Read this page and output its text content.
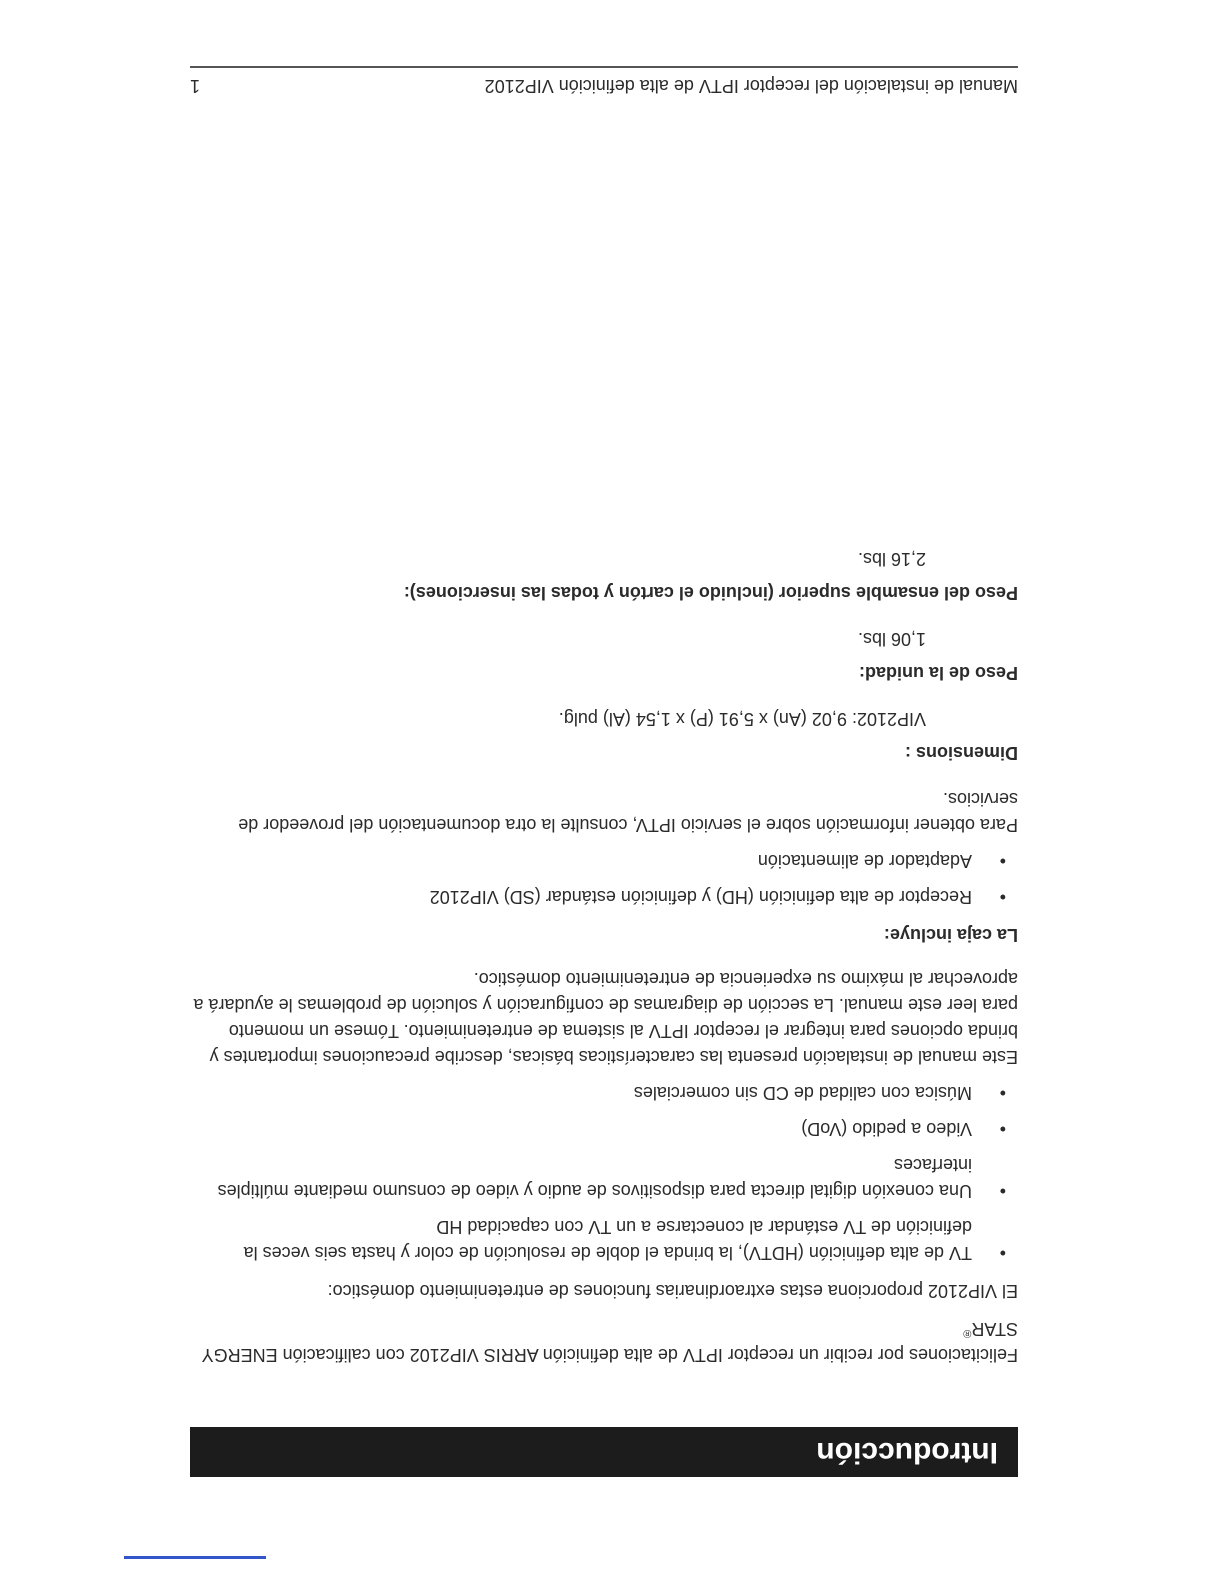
Manual de instalación del receptor IPTV de alta definición VIP2102
1
Introducción

Felicitaciones por recibir un receptor IPTV de alta definición ARRIS VIP2102 con calificación ENERGY STAR®

El VIP2102 proporciona estas extraordinarias funciones de entretenimiento doméstico:

• TV de alta definición (HDTV), la brinda el doble de resolución de color y hasta seis veces la definición de TV estándar al conectarse a un TV con capacidad HD
• Una conexión digital directa para dispositivos de audio y video de consumo mediante múltiples interfaces
• Video a pedido (VoD)
• Música con calidad de CD sin comerciales

Este manual de instalación presenta las características básicas, describe precauciones importantes y brinda opciones para integrar el receptor IPTV al sistema de entretenimiento. Tómese un momento para leer este manual. La sección de diagramas de configuración y solución de problemas le ayudará a aprovechar al máximo su experiencia de entretenimiento doméstico.

La caja incluye:
• Receptor de alta definición (HD) y definición estándar (SD) VIP2102
• Adaptador de alimentación

Para obtener información sobre el servicio IPTV, consulte la otra documentación del proveedor de servicios.

Dimensions :

VIP2102: 9,02 (An) x 5,91 (P) x 1,54 (Al) pulg.

Peso de la unidad:

1,06 lbs.

Peso del ensamble superior (incluido el cartón y todas las inserciones):

2,16 lbs.
